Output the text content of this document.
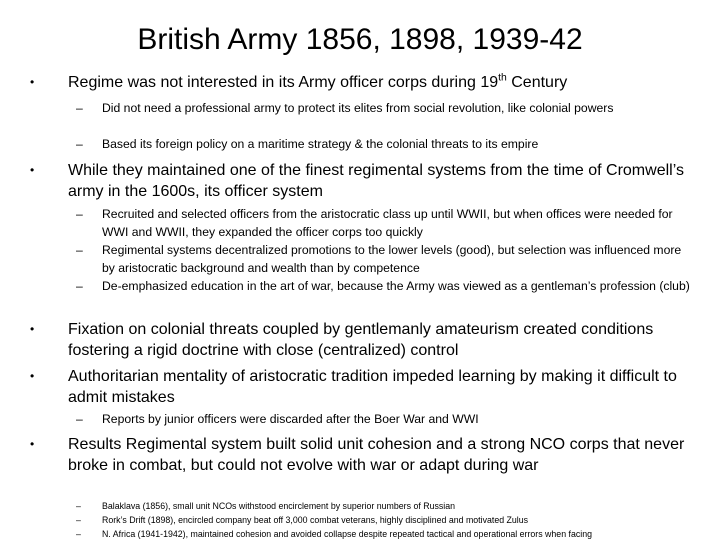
British Army 1856, 1898, 1939-42
• Regime was not interested in its Army officer corps during 19th Century
– Did not need a professional army to protect its elites from social revolution, like colonial powers
– Based its foreign policy on a maritime strategy & the colonial threats to its empire
• While they maintained one of the finest regimental systems from the time of Cromwell’s army in the 1600s, its officer system
– Recruited and selected officers from the aristocratic class up until WWII, but when offices were needed for WWI and WWII, they expanded the officer corps too quickly
– Regimental systems decentralized promotions to the lower levels (good), but selection was influenced more by aristocratic background and wealth than by competence
– De-emphasized education in the art of war, because the Army was viewed as a gentleman’s profession (club)
• Fixation on colonial threats coupled by gentlemanly amateurism created conditions fostering a rigid doctrine with close (centralized) control
• Authoritarian mentality of aristocratic tradition impeded learning by making it difficult to admit mistakes
– Reports by junior officers were discarded after the Boer War and WWI
• Results Regimental system built solid unit cohesion and a strong NCO corps that never broke in combat, but could not evolve with war or adapt during war
– Balaklava (1856), small unit NCOs withstood encirclement by superior numbers of Russian
– Rork’s Drift (1898), encircled company beat off 3,000 combat veterans, highly disciplined and motivated Zulus
– N. Africa (1941-1942), maintained cohesion and avoided collapse despite repeated tactical and operational errors when facing
